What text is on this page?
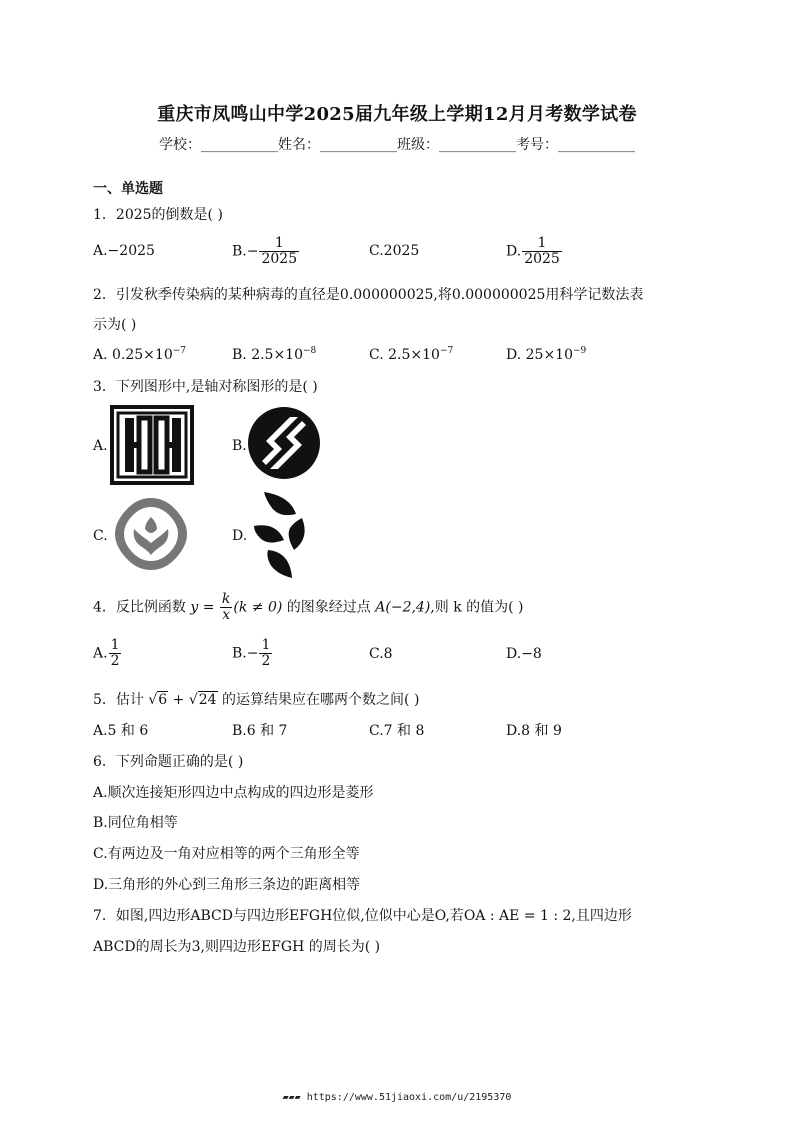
重庆市凤鸣山中学2025届九年级上学期12月月考数学试卷
学校：___________姓名：___________班级：___________考号：___________
一、单选题
1．2025的倒数是( )
A.−2025	$B.- \frac{1}{2025}$	C.2025	D. $\frac{1}{2025}$
2．引发秋季传染病的某种病毒的直径是0.000000025,将0.000000025用科学记数法表
示为( )
A. $0.25\times 10^{-7}$	B. $2.5\times 10^{-8}$	C. $2.5\times 10^{-7}$	D. $25\times 10^{-9}$
3．下列图形中,是轴对称图形的是( )
A.	B.
C.	D.
4．反比例函数 $y = \frac{k}{x} (k \ne 0)$ 的图象经过点 A(−2,4),则 k 的值为( )
A. $\frac{1}{2}$	$B.- \frac{1}{2}$	C.8	D.−8
5．估计 √6 + √24 的运算结果应在哪两个数之间( )
A.5 和 6	B.6 和 7	C.7 和 8	D.8 和 9
6．下列命题正确的是( )
A.顺次连接矩形四边中点构成的四边形是菱形
B.同位角相等
C.有两边及一角对应相等的两个三角形全等
D.三角形的外心到三角形三条边的距离相等
7．如图,四边形ABCD与四边形EFGH位似,位似中心是O,若OA : AE = 1 : 2,且四边形
ABCD的周长为3,则四边形EFGH 的周长为( )
▰▰▰ https://www.51jiaoxi.com/u/2195370
